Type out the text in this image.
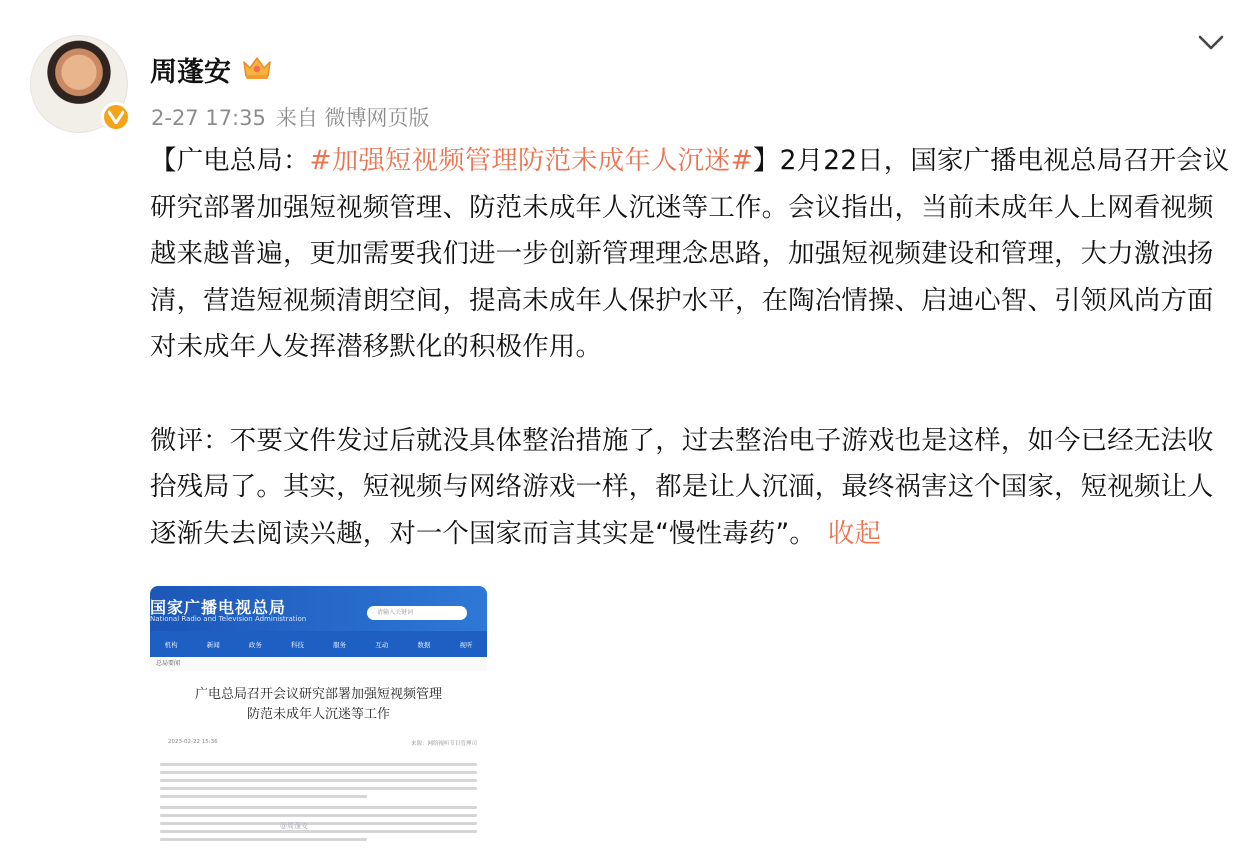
周蓬安
2-27 17:35 来自 微博网页版

【广电总局：#加强短视频管理防范未成年人沉迷#】2月22日，国家广播电视总局召开会议研究部署加强短视频管理、防范未成年人沉迷等工作。会议指出，当前未成年人上网看视频越来越普遍，更加需要我们进一步创新管理理念思路，加强短视频建设和管理，大力激浊扬清，营造短视频清朗空间，提高未成年人保护水平，在陶冶情操、启迪心智、引领风尚方面对未成年人发挥潜移默化的积极作用。

微评：不要文件发过后就没具体整治措施了，过去整治电子游戏也是这样，如今已经无法收拾残局了。其实，短视频与网络游戏一样，都是让人沉湎，最终祸害这个国家，短视频让人逐渐失去阅读兴趣，对一个国家而言其实是“慢性毒药”。 收起

国家广播电视总局
National Radio and Television Administration
请输入关键词
机构	新闻	政务	科技	服务	互动	数据	视听
总局要闻
广电总局召开会议研究部署加强短视频管理
防范未成年人沉迷等工作
2023-02-22 15:36	来源：网络视听节目管理司
@周蓬安
